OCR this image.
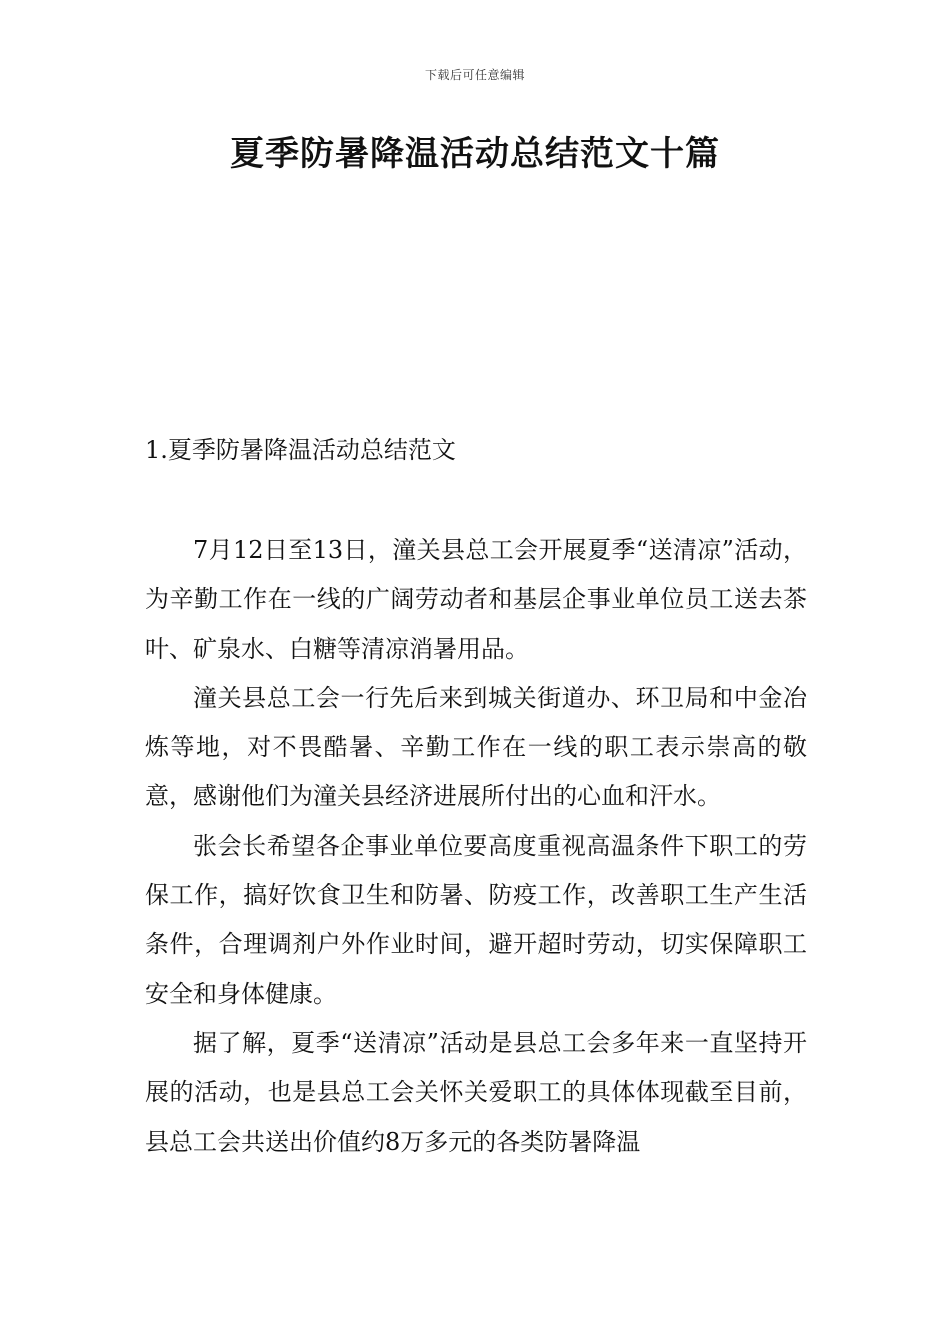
下载后可任意编辑
夏季防暑降温活动总结范文十篇
1.夏季防暑降温活动总结范文

7月12日至13日，潼关县总工会开展夏季“送清凉”活动，为辛勤工作在一线的广阔劳动者和基层企事业单位员工送去茶叶、矿泉水、白糖等清凉消暑用品。

潼关县总工会一行先后来到城关街道办、环卫局和中金冶炼等地，对不畏酷暑、辛勤工作在一线的职工表示崇高的敬意，感谢他们为潼关县经济进展所付出的心血和汗水。

张会长希望各企事业单位要高度重视高温条件下职工的劳保工作，搞好饮食卫生和防暑、防疫工作，改善职工生产生活条件，合理调剂户外作业时间，避开超时劳动，切实保障职工安全和身体健康。

据了解，夏季“送清凉”活动是县总工会多年来一直坚持开展的活动，也是县总工会关怀关爱职工的具体体现截至目前，县总工会共送出价值约8万多元的各类防暑降温
